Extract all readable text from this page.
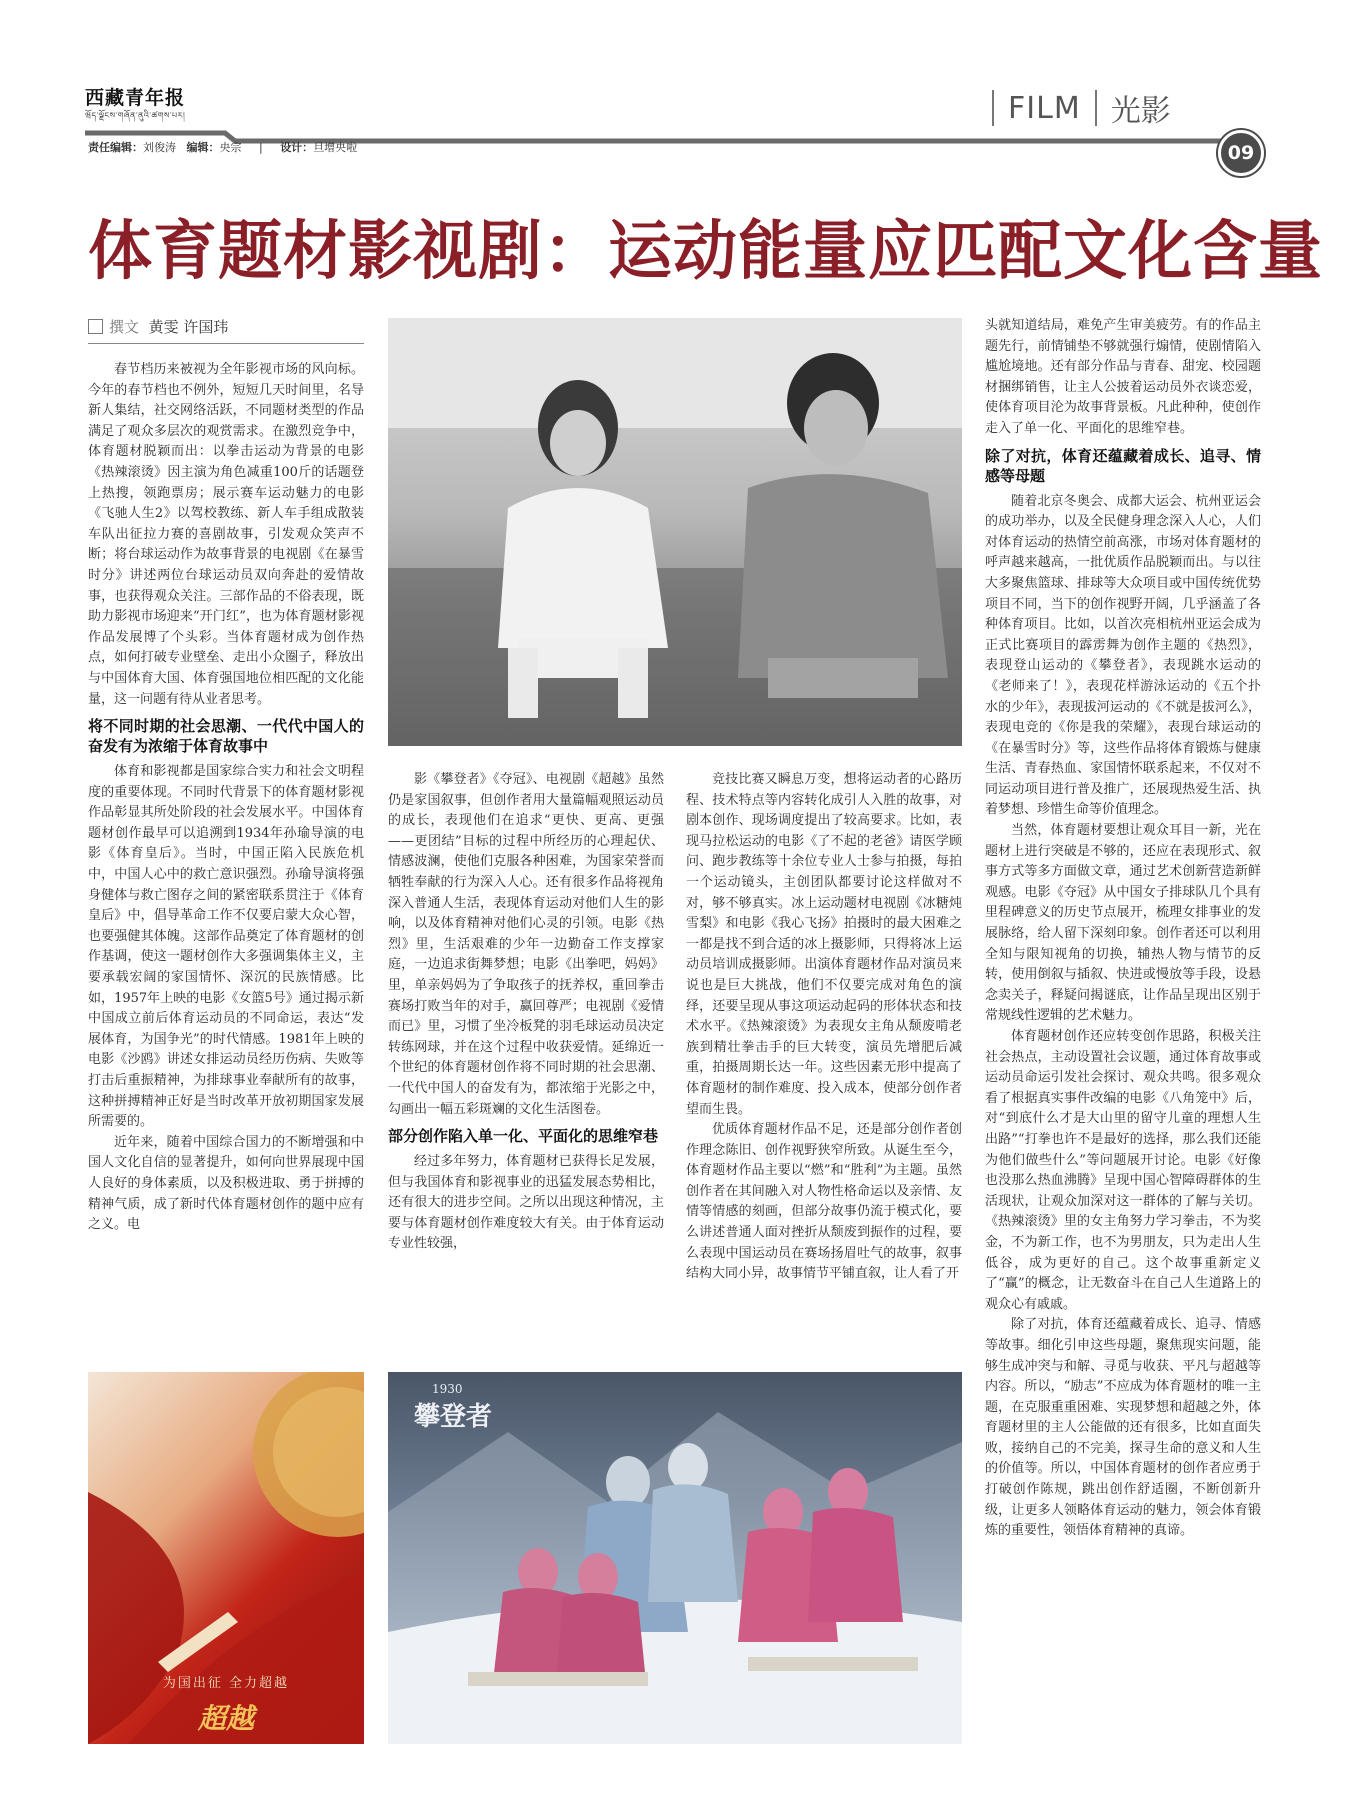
西藏青年报
ཝོད་ལྗོངས་གཞོན་ནུའི་ཚགས་པར།	FILM 光影
责任编辑：刘俊涛 编辑：央宗 | 设计：旦增央啦	09
体育题材影视剧：运动能量应匹配文化含量
撰文 黄雯 许国玮

春节档历来被视为全年影视市场的风向标。今年的春节档也不例外，短短几天时间里，名导新人集结，社交网络活跃，不同题材类型的作品满足了观众多层次的观赏需求。在激烈竞争中，体育题材脱颖而出：以拳击运动为背景的电影《热辣滚烫》因主演为角色减重100斤的话题登上热搜，领跑票房；展示赛车运动魅力的电影《飞驰人生2》以驾校教练、新人车手组成散装车队出征拉力赛的喜剧故事，引发观众笑声不断；将台球运动作为故事背景的电视剧《在暴雪时分》讲述两位台球运动员双向奔赴的爱情故事，也获得观众关注。三部作品的不俗表现，既助力影视市场迎来“开门红”，也为体育题材影视作品发展博了个头彩。当体育题材成为创作热点，如何打破专业壁垒、走出小众圈子，释放出与中国体育大国、体育强国地位相匹配的文化能量，这一问题有待从业者思考。

将不同时期的社会思潮、一代代中国人的奋发有为浓缩于体育故事中

体育和影视都是国家综合实力和社会文明程度的重要体现。不同时代背景下的体育题材影视作品彰显其所处阶段的社会发展水平。中国体育题材创作最早可以追溯到1934年孙瑜导演的电影《体育皇后》。当时，中国正陷入民族危机中，中国人心中的救亡意识强烈。孙瑜导演将强身健体与救亡图存之间的紧密联系贯注于《体育皇后》中，倡导革命工作不仅要启蒙大众心智，也要强健其体魄。这部作品奠定了体育题材的创作基调，使这一题材创作大多强调集体主义，主要承载宏阔的家国情怀、深沉的民族情感。比如，1957年上映的电影《女篮5号》通过揭示新中国成立前后体育运动员的不同命运，表达“发展体育，为国争光”的时代情感。1981年上映的电影《沙鸥》讲述女排运动员经历伤病、失败等打击后重振精神，为排球事业奉献所有的故事，这种拼搏精神正好是当时改革开放初期国家发展所需要的。

近年来，随着中国综合国力的不断增强和中国人文化自信的显著提升，如何向世界展现中国人良好的身体素质，以及积极进取、勇于拼搏的精神气质，成了新时代体育题材创作的题中应有之义。电

影《攀登者》《夺冠》、电视剧《超越》虽然仍是家国叙事，但创作者用大量篇幅观照运动员的成长，表现他们在追求“更快、更高、更强——更团结”目标的过程中所经历的心理起伏、情感波澜，使他们克服各种困难，为国家荣誉而牺牲奉献的行为深入人心。还有很多作品将视角深入普通人生活，表现体育运动对他们人生的影响，以及体育精神对他们心灵的引领。电影《热烈》里，生活艰难的少年一边勤奋工作支撑家庭，一边追求街舞梦想；电影《出拳吧，妈妈》里，单亲妈妈为了争取孩子的抚养权，重回拳击赛场打败当年的对手，赢回尊严；电视剧《爱情而已》里，习惯了坐冷板凳的羽毛球运动员决定转练网球，并在这个过程中收获爱情。延绵近一个世纪的体育题材创作将不同时期的社会思潮、一代代中国人的奋发有为，都浓缩于光影之中，勾画出一幅五彩斑斓的文化生活图卷。

部分创作陷入单一化、平面化的思维窄巷

经过多年努力，体育题材已获得长足发展，但与我国体育和影视事业的迅猛发展态势相比，还有很大的进步空间。之所以出现这种情况，主要与体育题材创作难度较大有关。由于体育运动专业性较强，

竞技比赛又瞬息万变，想将运动者的心路历程、技术特点等内容转化成引人入胜的故事，对剧本创作、现场调度提出了较高要求。比如，表现马拉松运动的电影《了不起的老爸》请医学顾问、跑步教练等十余位专业人士参与拍摄，每拍一个运动镜头，主创团队都要讨论这样做对不对，够不够真实。冰上运动题材电视剧《冰糖炖雪梨》和电影《我心飞扬》拍摄时的最大困难之一都是找不到合适的冰上摄影师，只得将冰上运动员培训成摄影师。出演体育题材作品对演员来说也是巨大挑战，他们不仅要完成对角色的演绎，还要呈现从事这项运动起码的形体状态和技术水平。《热辣滚烫》为表现女主角从颓废啃老族到精壮拳击手的巨大转变，演员先增肥后减重，拍摄周期长达一年。这些因素无形中提高了体育题材的制作难度、投入成本，使部分创作者望而生畏。

优质体育题材作品不足，还是部分创作者创作理念陈旧、创作视野狭窄所致。从诞生至今，体育题材作品主要以“燃”和“胜利”为主题。虽然创作者在其间融入对人物性格命运以及亲情、友情等情感的刻画，但部分故事仍流于模式化，要么讲述普通人面对挫折从颓废到振作的过程，要么表现中国运动员在赛场扬眉吐气的故事，叙事结构大同小异，故事情节平铺直叙，让人看了开

头就知道结局，难免产生审美疲劳。有的作品主题先行，前情铺垫不够就强行煽情，使剧情陷入尴尬境地。还有部分作品与青春、甜宠、校园题材捆绑销售，让主人公披着运动员外衣谈恋爱，使体育项目沦为故事背景板。凡此种种，使创作走入了单一化、平面化的思维窄巷。

除了对抗，体育还蕴藏着成长、追寻、情感等母题

随着北京冬奥会、成都大运会、杭州亚运会的成功举办，以及全民健身理念深入人心，人们对体育运动的热情空前高涨，市场对体育题材的呼声越来越高，一批优质作品脱颖而出。与以往大多聚焦篮球、排球等大众项目或中国传统优势项目不同，当下的创作视野开阔，几乎涵盖了各种体育项目。比如，以首次亮相杭州亚运会成为正式比赛项目的霹雳舞为创作主题的《热烈》，表现登山运动的《攀登者》，表现跳水运动的《老师来了！》，表现花样游泳运动的《五个扑水的少年》，表现拔河运动的《不就是拔河么》，表现电竞的《你是我的荣耀》，表现台球运动的《在暴雪时分》等，这些作品将体育锻炼与健康生活、青春热血、家国情怀联系起来，不仅对不同运动项目进行普及推广，还展现热爱生活、执着梦想、珍惜生命等价值理念。

当然，体育题材要想让观众耳目一新，光在题材上进行突破是不够的，还应在表现形式、叙事方式等多方面做文章，通过艺术创新营造新鲜观感。电影《夺冠》从中国女子排球队几个具有里程碑意义的历史节点展开，梳理女排事业的发展脉络，给人留下深刻印象。创作者还可以利用全知与限知视角的切换，辅热人物与情节的反转，使用倒叙与插叙、快进或慢放等手段，设悬念卖关子，释疑问揭谜底，让作品呈现出区别于常规线性逻辑的艺术魅力。

体育题材创作还应转变创作思路，积极关注社会热点，主动设置社会议题，通过体育故事或运动员命运引发社会探讨、观众共鸣。很多观众看了根据真实事件改编的电影《八角笼中》后，对“到底什么才是大山里的留守儿童的理想人生出路”“打拳也许不是最好的选择，那么我们还能为他们做些什么”等问题展开讨论。电影《好像也没那么热血沸腾》呈现中国心智障碍群体的生活现状，让观众加深对这一群体的了解与关切。《热辣滚烫》里的女主角努力学习拳击，不为奖金，不为新工作，也不为男朋友，只为走出人生低谷，成为更好的自己。这个故事重新定义了“赢”的概念，让无数奋斗在自己人生道路上的观众心有戚戚。

除了对抗，体育还蕴藏着成长、追寻、情感等故事。细化引申这些母题，聚焦现实问题，能够生成冲突与和解、寻觅与收获、平凡与超越等内容。所以，“励志”不应成为体育题材的唯一主题，在克服重重困难、实现梦想和超越之外，体育题材里的主人公能做的还有很多，比如直面失败，接纳自己的不完美，探寻生命的意义和人生的价值等。所以，中国体育题材的创作者应勇于打破创作陈规，跳出创作舒适圈，不断创新升级，让更多人领略体育运动的魅力，领会体育锻炼的重要性，领悟体育精神的真谛。

为国出征 全力超越
超越
1930
攀登者
